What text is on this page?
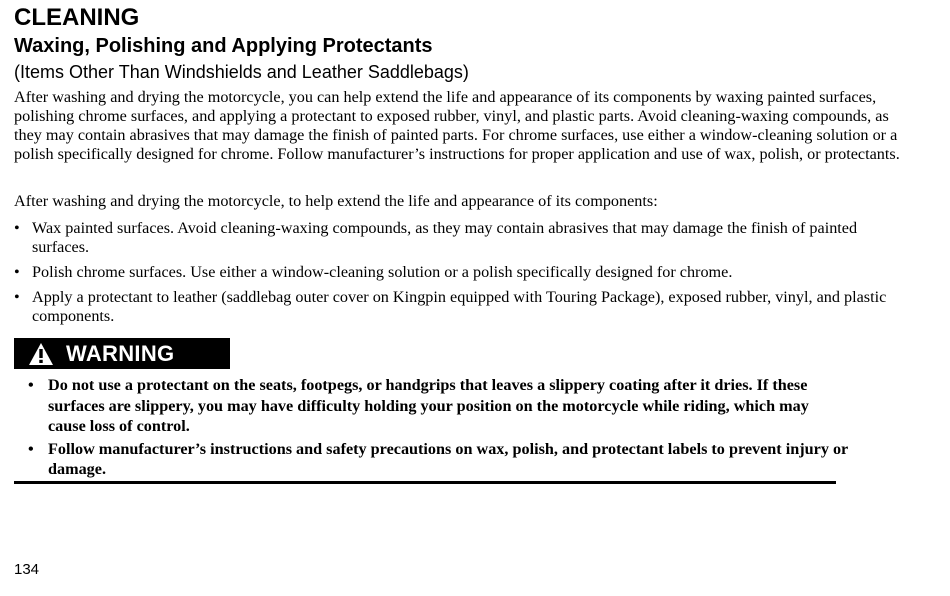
CLEANING
Waxing, Polishing and Applying Protectants
(Items Other Than Windshields and Leather Saddlebags)

After washing and drying the motorcycle, you can help extend the life and appearance of its components by waxing painted surfaces, polishing chrome surfaces, and applying a protectant to exposed rubber, vinyl, and plastic parts. Avoid cleaning-waxing compounds, as they may contain abrasives that may damage the finish of painted parts. For chrome surfaces, use either a window-cleaning solution or a polish specifically designed for chrome. Follow manufacturer’s instructions for proper application and use of wax, polish, or protectants.

After washing and drying the motorcycle, to help extend the life and appearance of its components:

• Wax painted surfaces. Avoid cleaning-waxing compounds, as they may contain abrasives that may damage the finish of painted surfaces.
• Polish chrome surfaces. Use either a window-cleaning solution or a polish specifically designed for chrome.
• Apply a protectant to leather (saddlebag outer cover on Kingpin equipped with Touring Package), exposed rubber, vinyl, and plastic components.
WARNING
• Do not use a protectant on the seats, footpegs, or handgrips that leaves a slippery coating after it dries. If these surfaces are slippery, you may have difficulty holding your position on the motorcycle while riding, which may cause loss of control.
• Follow manufacturer’s instructions and safety precautions on wax, polish, and protectant labels to prevent injury or damage.
134
